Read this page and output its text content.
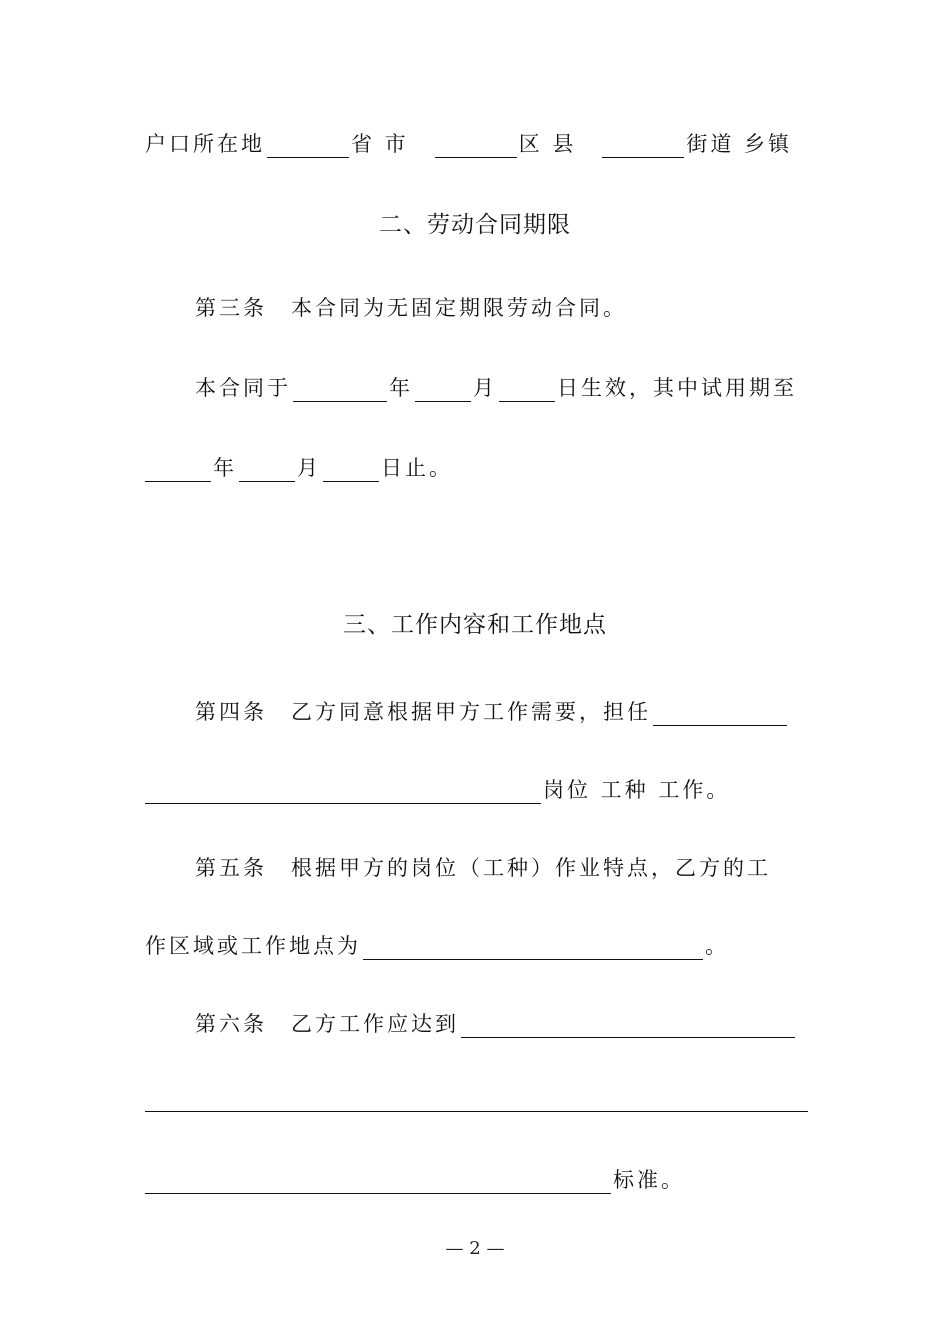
户口所在地	省 市	区 县	街道 乡镇
二、劳动合同期限
第三条 本合同为无固定期限劳动合同。
本合同于	年	月	日生效，其中试用期至
年	月	日止。
三、工作内容和工作地点
第四条 乙方同意根据甲方工作需要，担任
岗位 工种 工作。
第五条 根据甲方的岗位（工种）作业特点，乙方的工
作区域或工作地点为	。
第六条 乙方工作应达到
标准。
— 2 —
